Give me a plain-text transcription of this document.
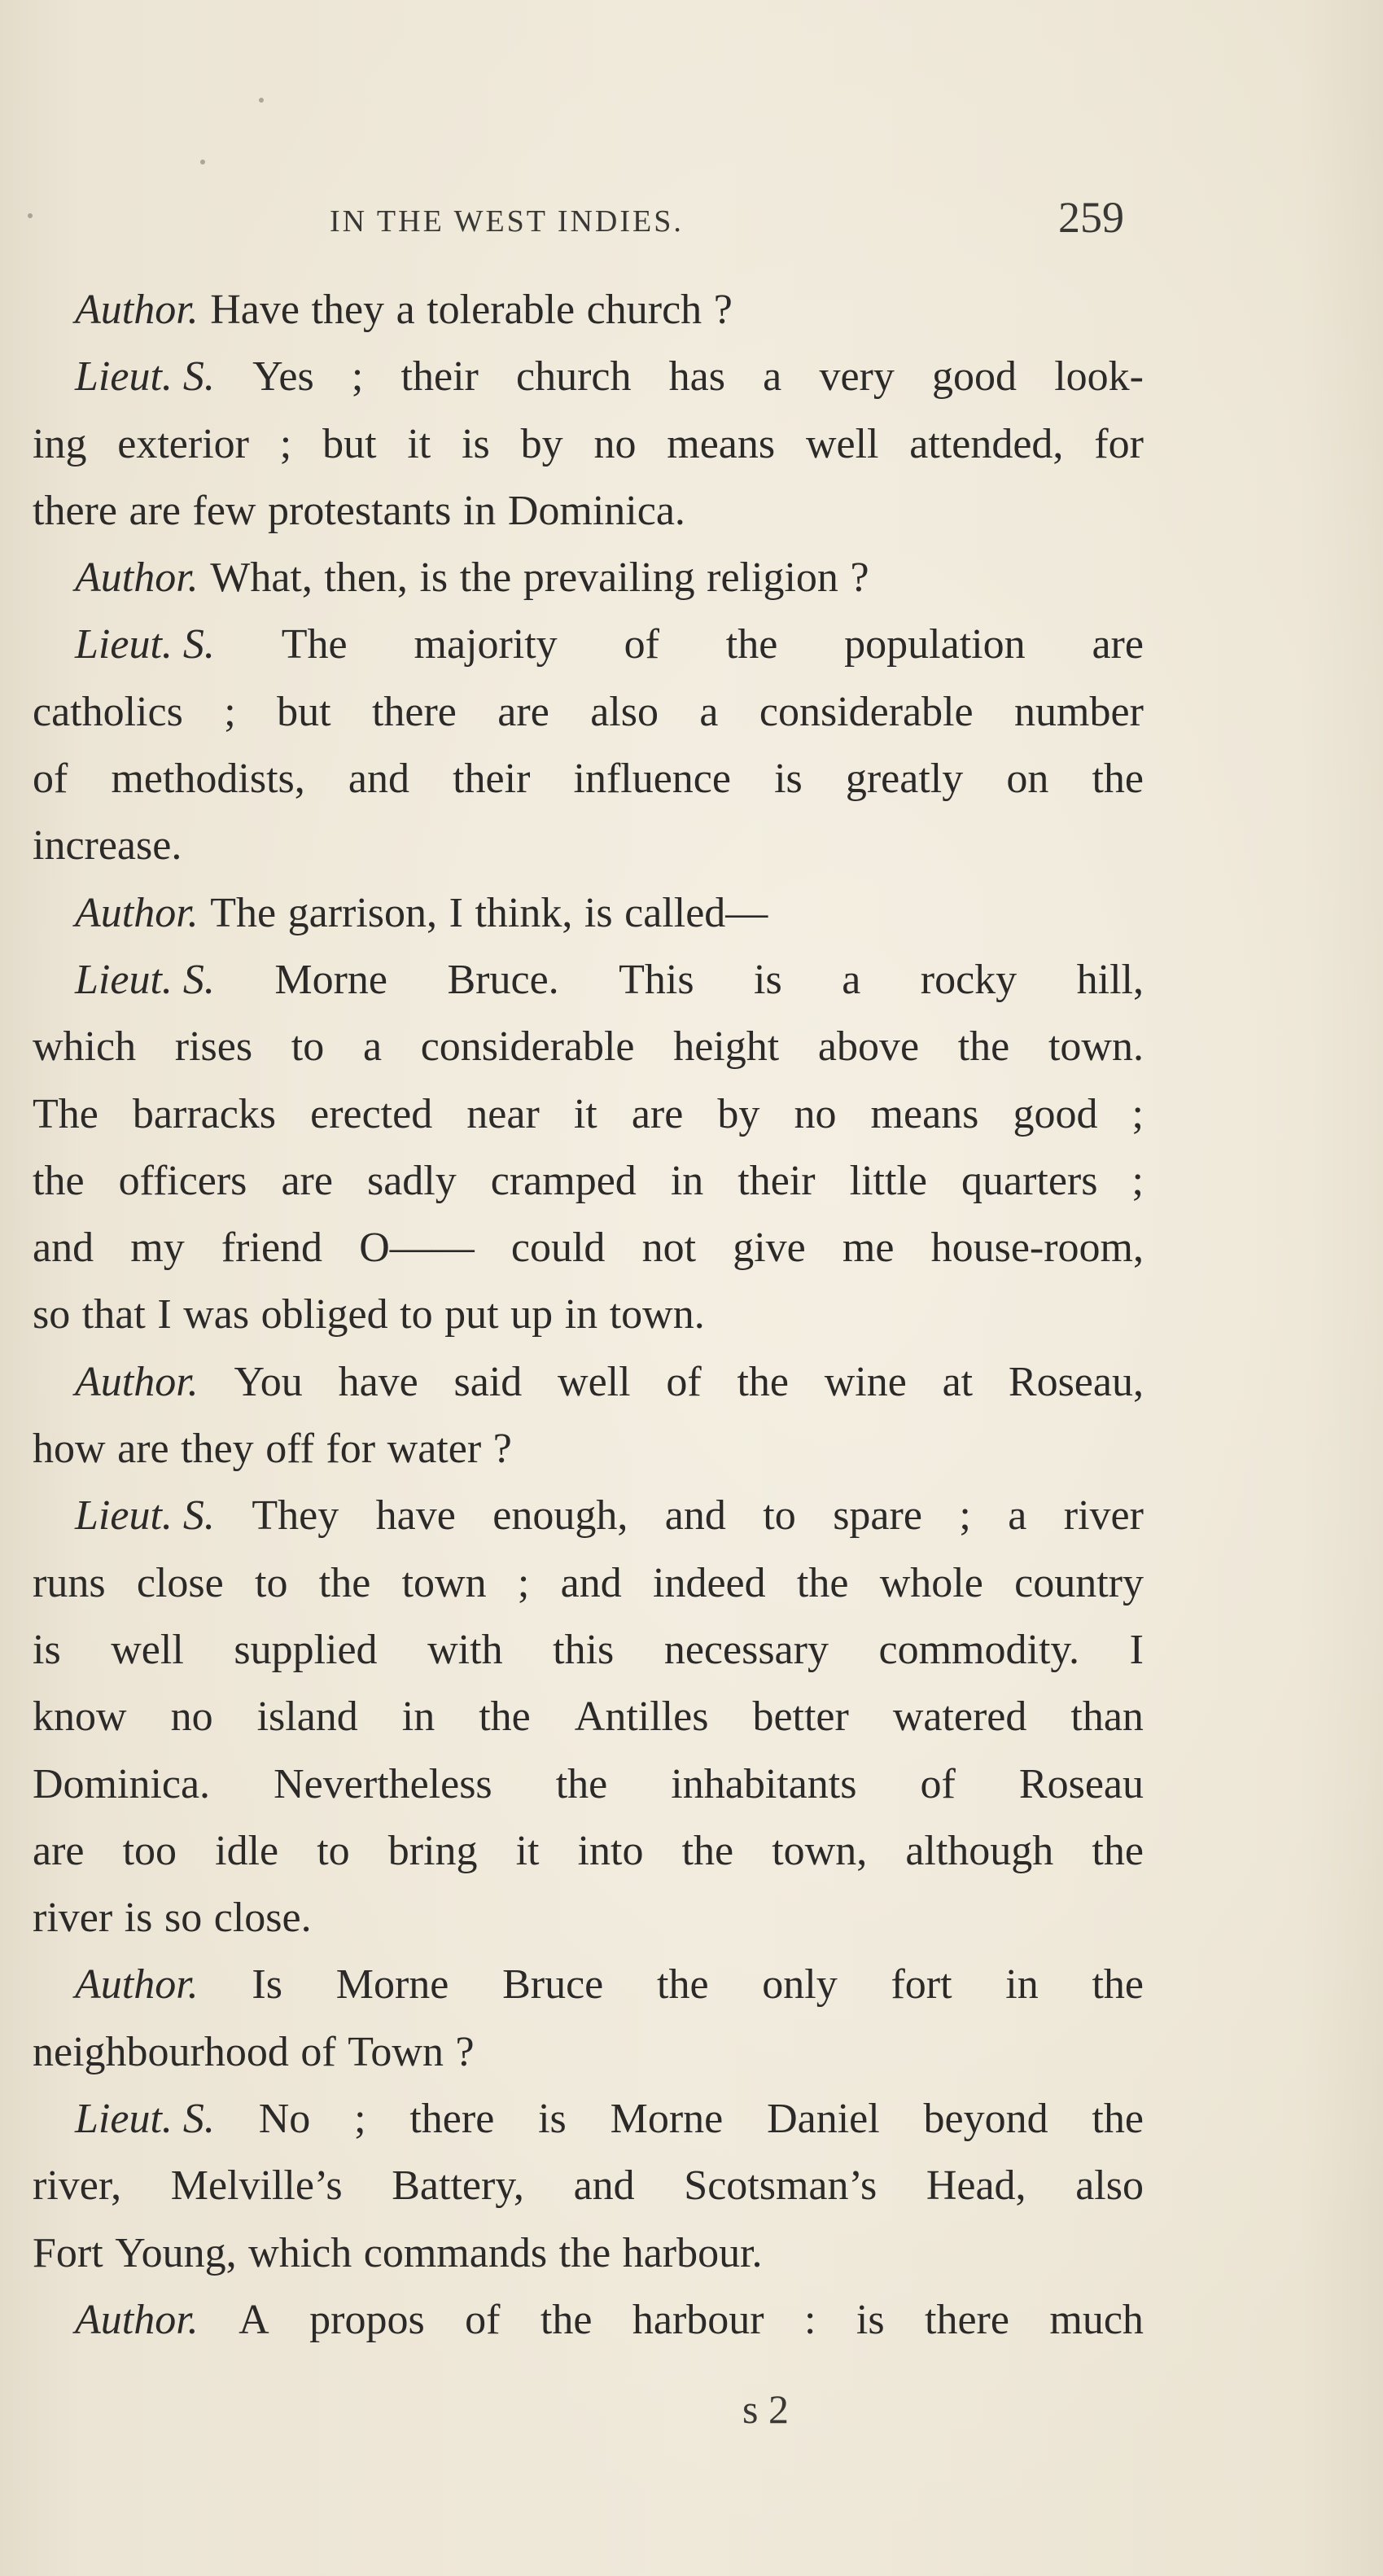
IN THE WEST INDIES.	259
Author. Have they a tolerable church ?
Lieut. S. Yes ; their church has a very good look-
ing exterior ; but it is by no means well attended, for
there are few protestants in Dominica.
Author. What, then, is the prevailing religion ?
Lieut. S. The majority of the population are
catholics ; but there are also a considerable number
of methodists, and their influence is greatly on the
increase.
Author. The garrison, I think, is called—
Lieut. S. Morne Bruce. This is a rocky hill,
which rises to a considerable height above the town.
The barracks erected near it are by no means good ;
the officers are sadly cramped in their little quarters ;
and my friend O—— could not give me house-room,
so that I was obliged to put up in town.
Author. You have said well of the wine at Roseau,
how are they off for water ?
Lieut. S. They have enough, and to spare ; a river
runs close to the town ; and indeed the whole country
is well supplied with this necessary commodity. I
know no island in the Antilles better watered than
Dominica. Nevertheless the inhabitants of Roseau
are too idle to bring it into the town, although the
river is so close.
Author. Is Morne Bruce the only fort in the
neighbourhood of Town ?
Lieut. S. No ; there is Morne Daniel beyond the
river, Melville’s Battery, and Scotsman’s Head, also
Fort Young, which commands the harbour.
Author. A propos of the harbour : is there much
s 2
